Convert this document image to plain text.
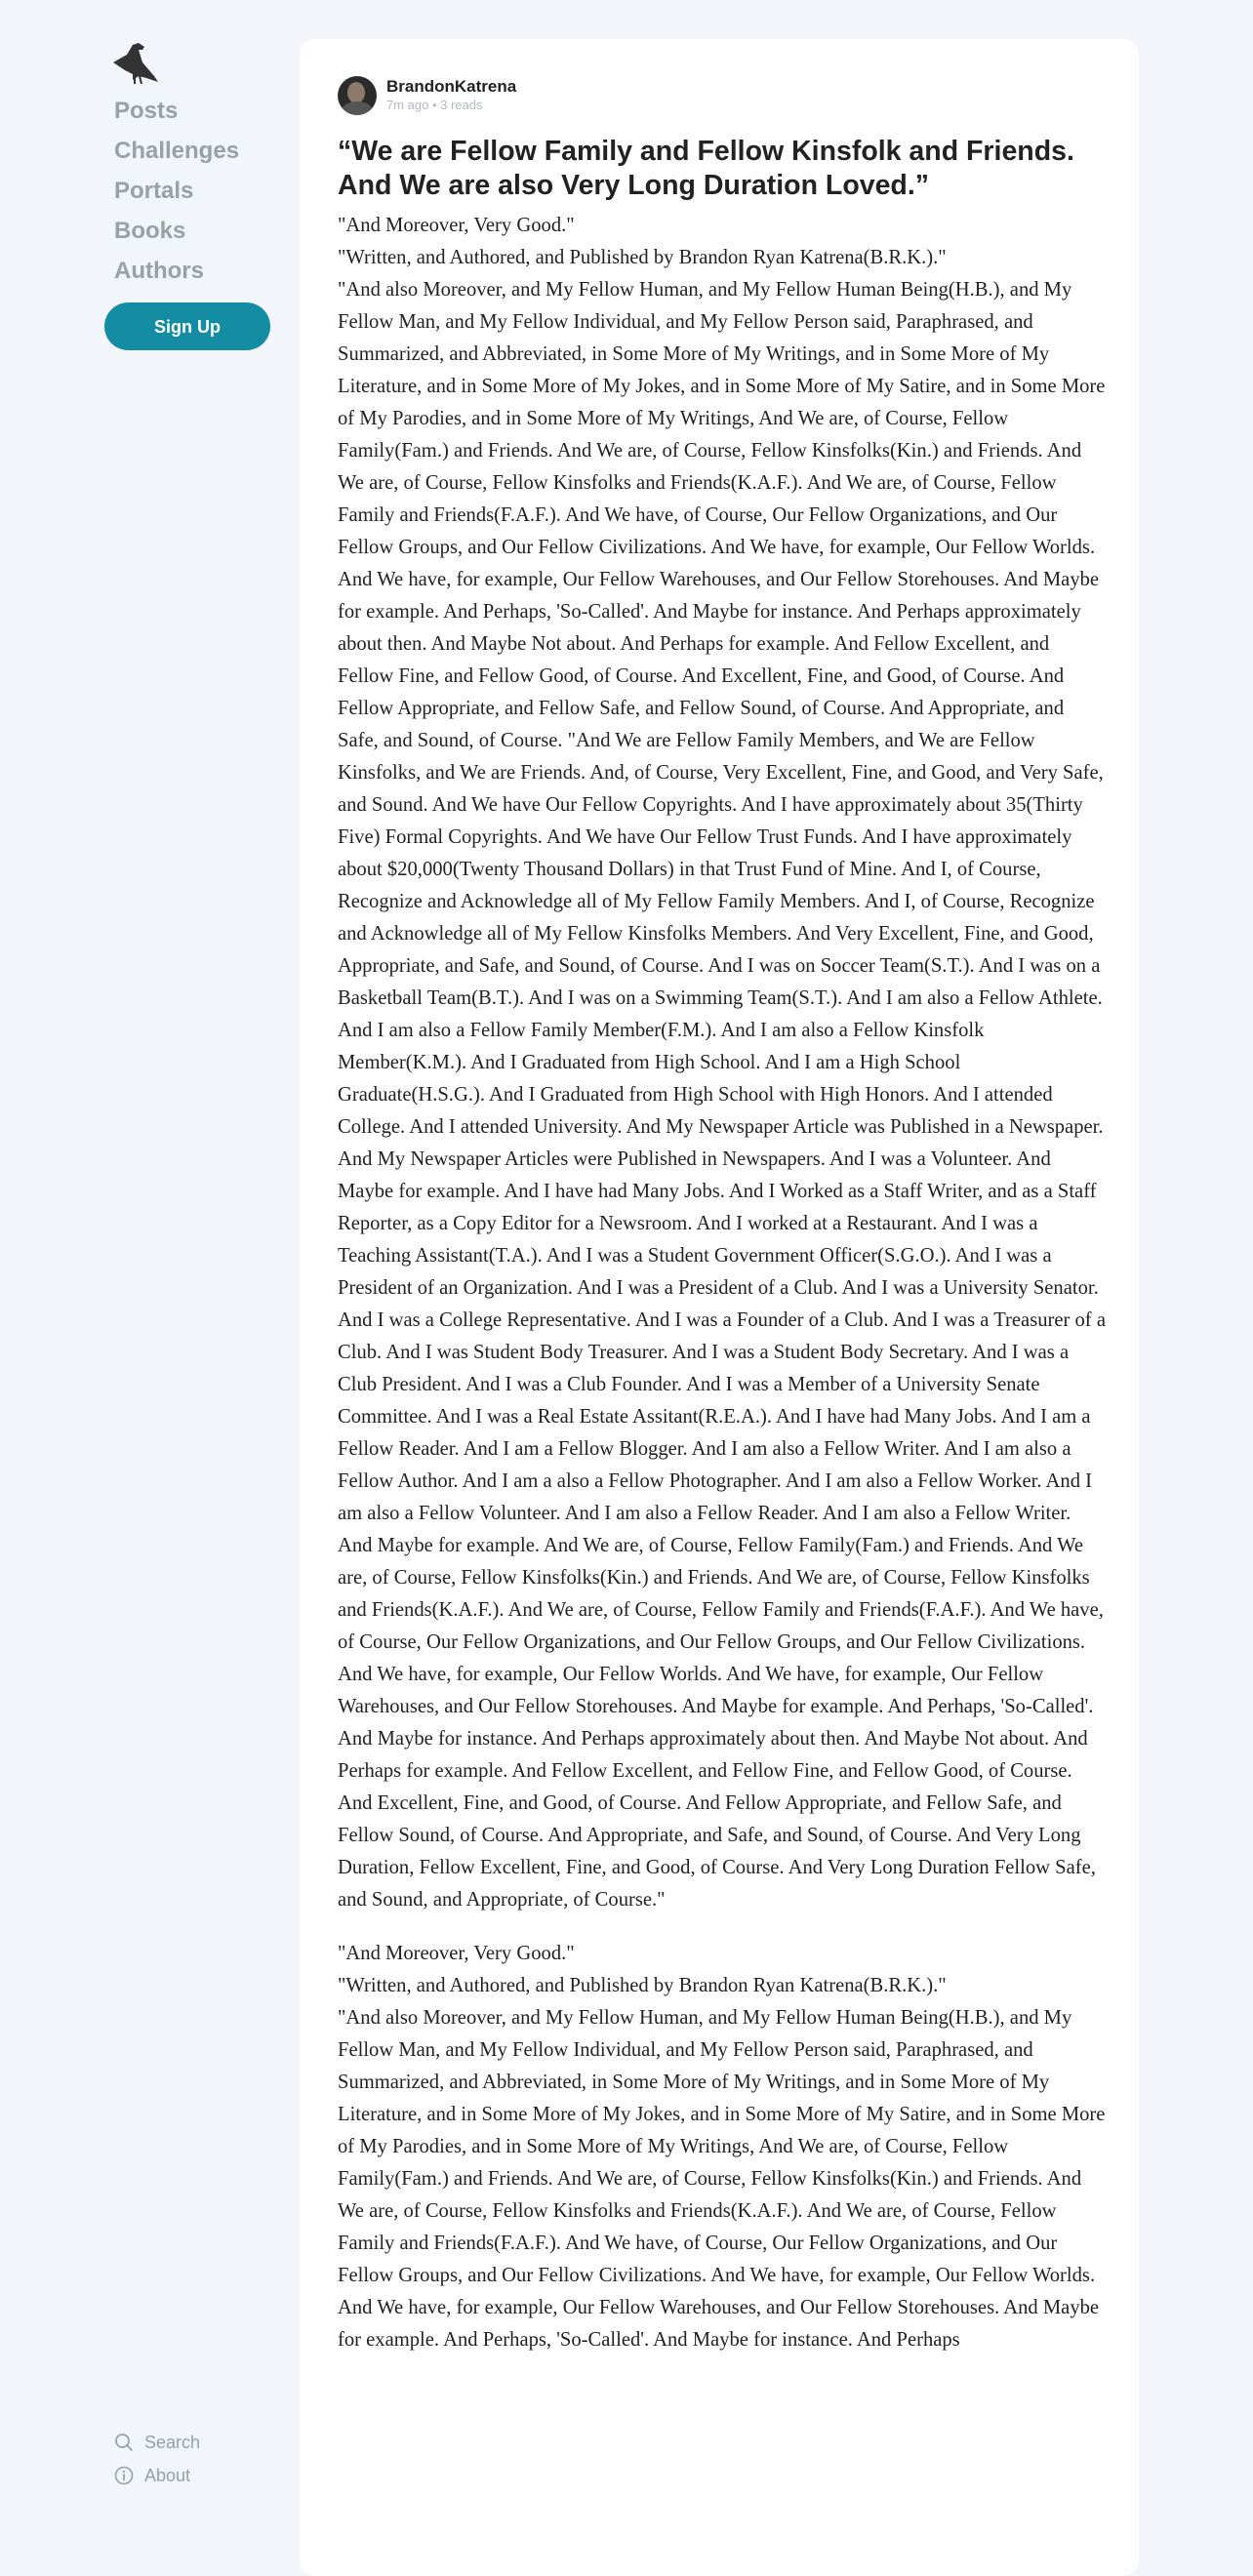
Posts
Challenges
Portals
Books
Authors
Sign Up
Search
About
BrandonKatrena
7m ago • 3 reads
“We are Fellow Family and Fellow Kinsfolk and Friends. And We are also Very Long Duration Loved.”

"And Moreover, Very Good."

"Written, and Authored, and Published by Brandon Ryan Katrena(B.R.K.)."

"And also Moreover, and My Fellow Human, and My Fellow Human Being(H.B.), and My Fellow Man, and My Fellow Individual, and My Fellow Person said, Paraphrased, and Summarized, and Abbreviated, in Some More of My Writings, and in Some More of My Literature, and in Some More of My Jokes, and in Some More of My Satire, and in Some More of My Parodies, and in Some More of My Writings, And We are, of Course, Fellow Family(Fam.) and Friends. And We are, of Course, Fellow Kinsfolks(Kin.) and Friends. And We are, of Course, Fellow Kinsfolks and Friends(K.A.F.). And We are, of Course, Fellow Family and Friends(F.A.F.). And We have, of Course, Our Fellow Organizations, and Our Fellow Groups, and Our Fellow Civilizations. And We have, for example, Our Fellow Worlds. And We have, for example, Our Fellow Warehouses, and Our Fellow Storehouses. And Maybe for example. And Perhaps, 'So-Called'. And Maybe for instance. And Perhaps approximately about then. And Maybe Not about. And Perhaps for example. And Fellow Excellent, and Fellow Fine, and Fellow Good, of Course. And Excellent, Fine, and Good, of Course. And Fellow Appropriate, and Fellow Safe, and Fellow Sound, of Course. And Appropriate, and Safe, and Sound, of Course. "And We are Fellow Family Members, and We are Fellow Kinsfolks, and We are Friends. And, of Course, Very Excellent, Fine, and Good, and Very Safe, and Sound. And We have Our Fellow Copyrights. And I have approximately about 35(Thirty Five) Formal Copyrights. And We have Our Fellow Trust Funds. And I have approximately about $20,000(Twenty Thousand Dollars) in that Trust Fund of Mine. And I, of Course, Recognize and Acknowledge all of My Fellow Family Members. And I, of Course, Recognize and Acknowledge all of My Fellow Kinsfolks Members. And Very Excellent, Fine, and Good, Appropriate, and Safe, and Sound, of Course. And I was on Soccer Team(S.T.). And I was on a Basketball Team(B.T.). And I was on a Swimming Team(S.T.). And I am also a Fellow Athlete. And I am also a Fellow Family Member(F.M.). And I am also a Fellow Kinsfolk Member(K.M.). And I Graduated from High School. And I am a High School Graduate(H.S.G.). And I Graduated from High School with High Honors. And I attended College. And I attended University. And My Newspaper Article was Published in a Newspaper. And My Newspaper Articles were Published in Newspapers. And I was a Volunteer. And Maybe for example. And I have had Many Jobs. And I Worked as a Staff Writer, and as a Staff Reporter, as a Copy Editor for a Newsroom. And I worked at a Restaurant. And I was a Teaching Assistant(T.A.). And I was a Student Government Officer(S.G.O.). And I was a President of an Organization. And I was a President of a Club. And I was a University Senator. And I was a College Representative. And I was a Founder of a Club. And I was a Treasurer of a Club. And I was Student Body Treasurer. And I was a Student Body Secretary. And I was a Club President. And I was a Club Founder. And I was a Member of a University Senate Committee. And I was a Real Estate Assitant(R.E.A.). And I have had Many Jobs. And I am a Fellow Reader. And I am a Fellow Blogger. And I am also a Fellow Writer. And I am also a Fellow Author. And I am a also a Fellow Photographer. And I am also a Fellow Worker. And I am also a Fellow Volunteer. And I am also a Fellow Reader. And I am also a Fellow Writer. And Maybe for example. And We are, of Course, Fellow Family(Fam.) and Friends. And We are, of Course, Fellow Kinsfolks(Kin.) and Friends. And We are, of Course, Fellow Kinsfolks and Friends(K.A.F.). And We are, of Course, Fellow Family and Friends(F.A.F.). And We have, of Course, Our Fellow Organizations, and Our Fellow Groups, and Our Fellow Civilizations. And We have, for example, Our Fellow Worlds. And We have, for example, Our Fellow Warehouses, and Our Fellow Storehouses. And Maybe for example. And Perhaps, 'So-Called'. And Maybe for instance. And Perhaps approximately about then. And Maybe Not about. And Perhaps for example. And Fellow Excellent, and Fellow Fine, and Fellow Good, of Course. And Excellent, Fine, and Good, of Course. And Fellow Appropriate, and Fellow Safe, and Fellow Sound, of Course. And Appropriate, and Safe, and Sound, of Course. And Very Long Duration, Fellow Excellent, Fine, and Good, of Course. And Very Long Duration Fellow Safe, and Sound, and Appropriate, of Course."

"And Moreover, Very Good."

"Written, and Authored, and Published by Brandon Ryan Katrena(B.R.K.)."

"And also Moreover, and My Fellow Human, and My Fellow Human Being(H.B.), and My Fellow Man, and My Fellow Individual, and My Fellow Person said, Paraphrased, and Summarized, and Abbreviated, in Some More of My Writings, and in Some More of My Literature, and in Some More of My Jokes, and in Some More of My Satire, and in Some More of My Parodies, and in Some More of My Writings, And We are, of Course, Fellow Family(Fam.) and Friends. And We are, of Course, Fellow Kinsfolks(Kin.) and Friends. And We are, of Course, Fellow Kinsfolks and Friends(K.A.F.). And We are, of Course, Fellow Family and Friends(F.A.F.). And We have, of Course, Our Fellow Organizations, and Our Fellow Groups, and Our Fellow Civilizations. And We have, for example, Our Fellow Worlds. And We have, for example, Our Fellow Warehouses, and Our Fellow Storehouses. And Maybe for example. And Perhaps, 'So-Called'. And Maybe for instance. And Perhaps
